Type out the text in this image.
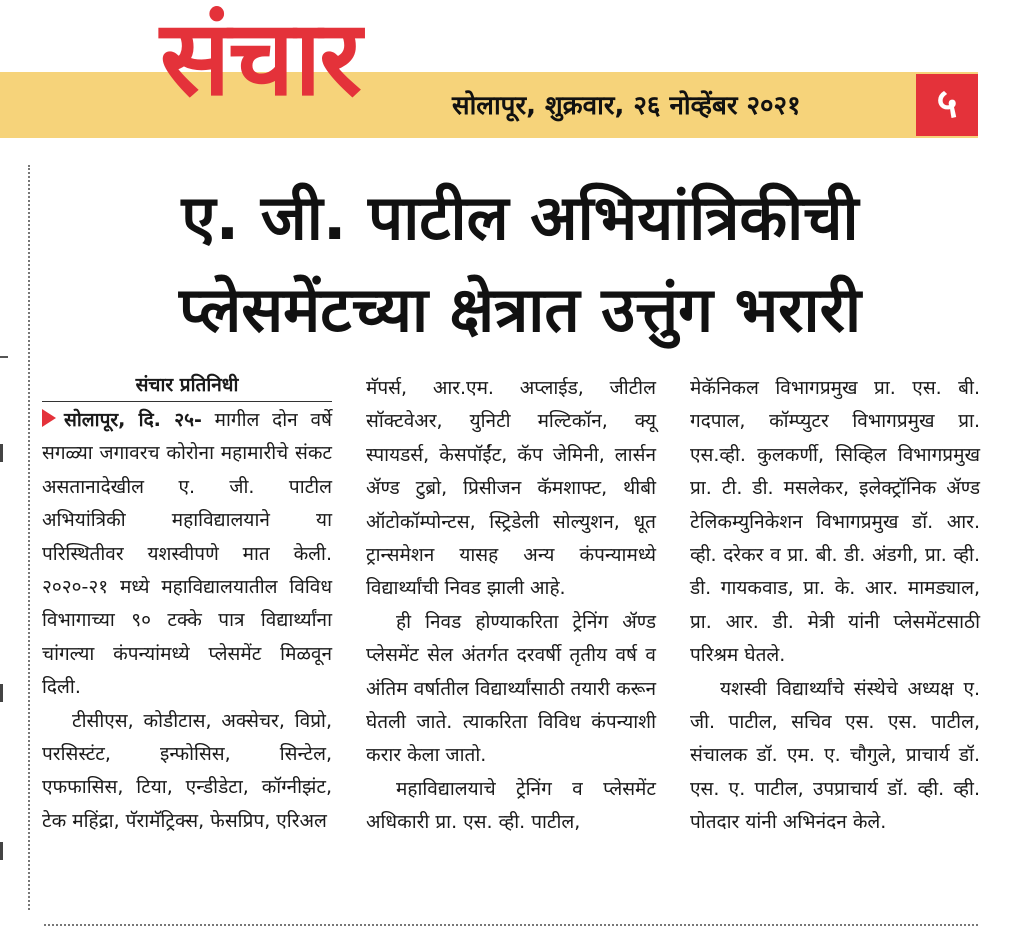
संचार	सोलापूर, शुक्रवार, २६ नोव्हेंबर २०२१	५
ए. जी. पाटील अभियांत्रिकीची
प्लेसमेंटच्या क्षेत्रात उत्तुंग भरारी
संचार प्रतिनिधी

सोलापूर, दि. २५- मागील दोन वर्षे सगळ्या जगावरच कोरोना महामारीचे संकट असतानादेखील ए. जी. पाटील अभियांत्रिकी महाविद्यालयाने या परिस्थितीवर यशस्वीपणे मात केली. २०२०-२१ मध्ये महाविद्यालयातील विविध विभागाच्या ९० टक्के पात्र विद्यार्थ्यांना चांगल्या कंपन्यांमध्ये प्लेसमेंट मिळवून दिली.

टीसीएस, कोडीटास, अक्सेचर, विप्रो, परसिस्टंट, इन्फोसिस, सिन्टेल, एफफासिस, टिया, एन्डीडेटा, कॉग्नीझंट, टेक महिंद्रा, पॅरामॅट्रिक्स, फेसप्रिप, एरिअल

मॅपर्स, आर.एम. अप्लाईड, जीटील सॉक्टवेअर, युनिटी मल्टिकॉन, क्यू स्पायडर्स, केसपॉईंट, कॅप जेमिनी, लार्सन ॲण्ड टुब्रो, प्रिसीजन कॅमशाफ्ट, थीबी ऑटोकॉम्पोन्टस, स्ट्रिडेली सोल्युशन, धूत ट्रान्समेशन यासह अन्य कंपन्यामध्ये विद्यार्थ्यांची निवड झाली आहे.

ही निवड होण्याकरिता ट्रेनिंग ॲण्ड प्लेसमेंट सेल अंतर्गत दरवर्षी तृतीय वर्ष व अंतिम वर्षातील विद्यार्थ्यांसाठी तयारी करून घेतली जाते. त्याकरिता विविध कंपन्याशी करार केला जातो.

महाविद्यालयाचे ट्रेनिंग व प्लेसमेंट अधिकारी प्रा. एस. व्ही. पाटील,

मेकॅनिकल विभागप्रमुख प्रा. एस. बी. गदपाल, कॉम्प्युटर विभागप्रमुख प्रा. एस.व्ही. कुलकर्णी, सिव्हिल विभागप्रमुख प्रा. टी. डी. मसलेकर, इलेक्ट्रॉनिक ॲण्ड टेलिकम्युनिकेशन विभागप्रमुख डॉ. आर. व्ही. दरेकर व प्रा. बी. डी. अंडगी, प्रा. व्ही. डी. गायकवाड, प्रा. के. आर. मामड्याल, प्रा. आर. डी. मेत्री यांनी प्लेसमेंटसाठी परिश्रम घेतले.

यशस्वी विद्यार्थ्यांचे संस्थेचे अध्यक्ष ए. जी. पाटील, सचिव एस. एस. पाटील, संचालक डॉ. एम. ए. चौगुले, प्राचार्य डॉ. एस. ए. पाटील, उपप्राचार्य डॉ. व्ही. व्ही. पोतदार यांनी अभिनंदन केले.
